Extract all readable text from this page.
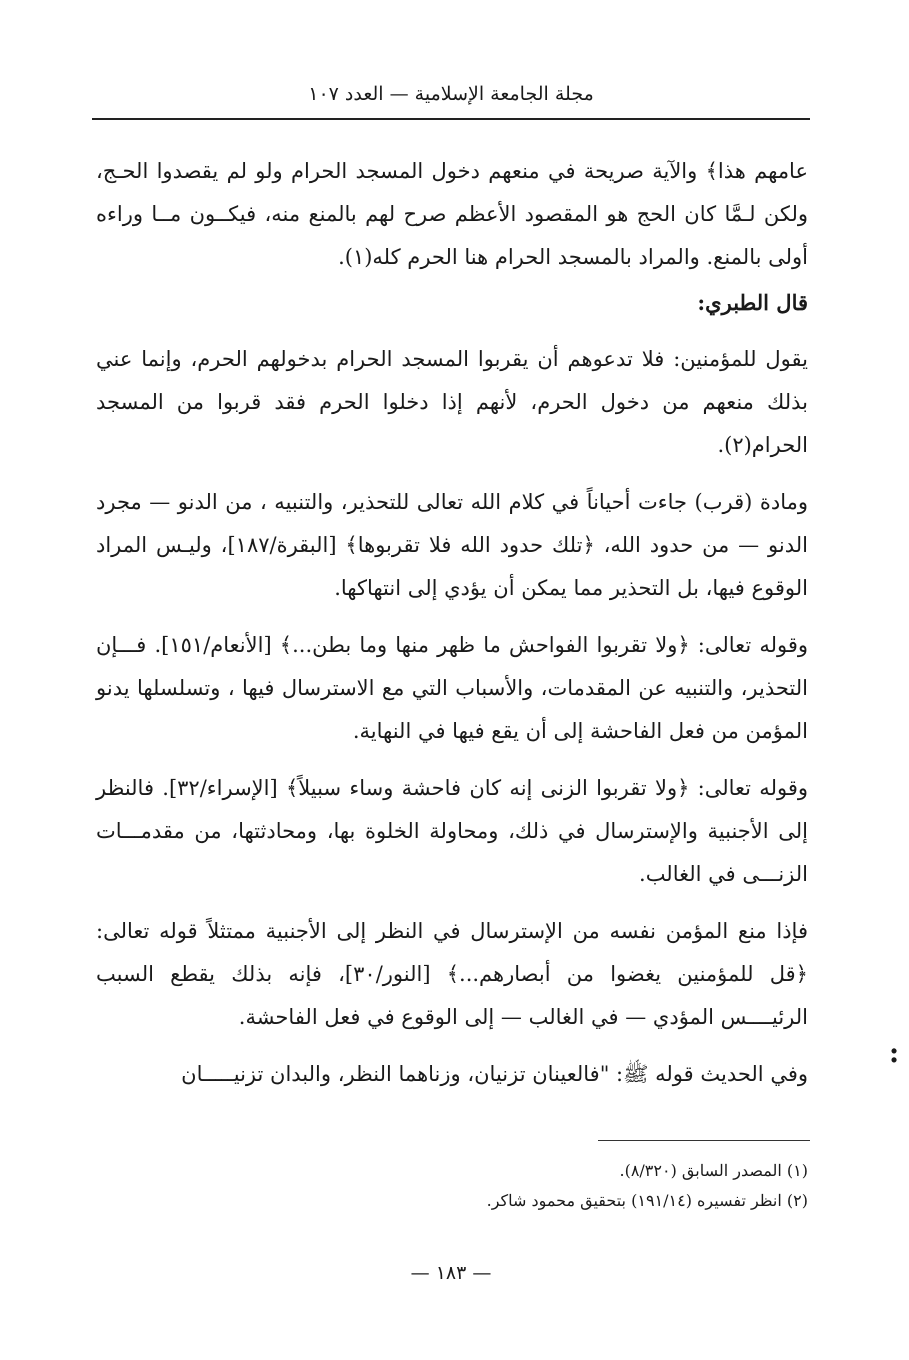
مجلة الجامعة الإسلامية — العدد ١٠٧

عامهم هذا﴾ والآية صريحة في منعهم دخول المسجد الحرام ولو لم يقصدوا الحـج، ولكن لـمَّا كان الحج هو المقصود الأعظم صرح لهم بالمنع منه، فيكــون مــا وراءه أولى بالمنع. والمراد بالمسجد الحرام هنا الحرم كله(١).

قال الطبري:

يقول للمؤمنين: فلا تدعوهم أن يقربوا المسجد الحرام بدخولهم الحرم، وإنما عني بذلك منعهم من دخول الحرم، لأنهم إذا دخلوا الحرم فقد قربوا من المسجد الحرام(٢).

ومادة (قرب) جاءت أحياناً في كلام الله تعالى للتحذير، والتنبيه ، من الدنو — مجرد الدنو — من حدود الله، ﴿تلك حدود الله فلا تقربوها﴾ [البقرة/١٨٧]، وليـس المراد الوقوع فيها، بل التحذير مما يمكن أن يؤدي إلى انتهاكها.

وقوله تعالى: ﴿ولا تقربوا الفواحش ما ظهر منها وما بطن...﴾ [الأنعام/١٥١]. فـــإن التحذير، والتنبيه عن المقدمات، والأسباب التي مع الاسترسال فيها ، وتسلسلها يدنو المؤمن من فعل الفاحشة إلى أن يقع فيها في النهاية.

وقوله تعالى: ﴿ولا تقربوا الزنى إنه كان فاحشة وساء سبيلاً﴾ [الإسراء/٣٢]. فالنظر إلى الأجنبية والإسترسال في ذلك، ومحاولة الخلوة بها، ومحادثتها، من مقدمـــات الزنـــى في الغالب.

فإذا منع المؤمن نفسه من الإسترسال في النظر إلى الأجنبية ممتثلاً قوله تعالى: ﴿قل للمؤمنين يغضوا من أبصارهم...﴾ [النور/٣٠]، فإنه بذلك يقطع السبب الرئيــــس المؤدي — في الغالب — إلى الوقوع في فعل الفاحشة.

وفي الحديث قوله ﷺ: "فالعينان تزنيان، وزناهما النظر، والبدان تزنيـــــان

:

(١) المصدر السابق (٨/٣٢٠).

(٢) انظر تفسيره (١٩١/١٤) بتحقيق محمود شاكر.

— ١٨٣ —
